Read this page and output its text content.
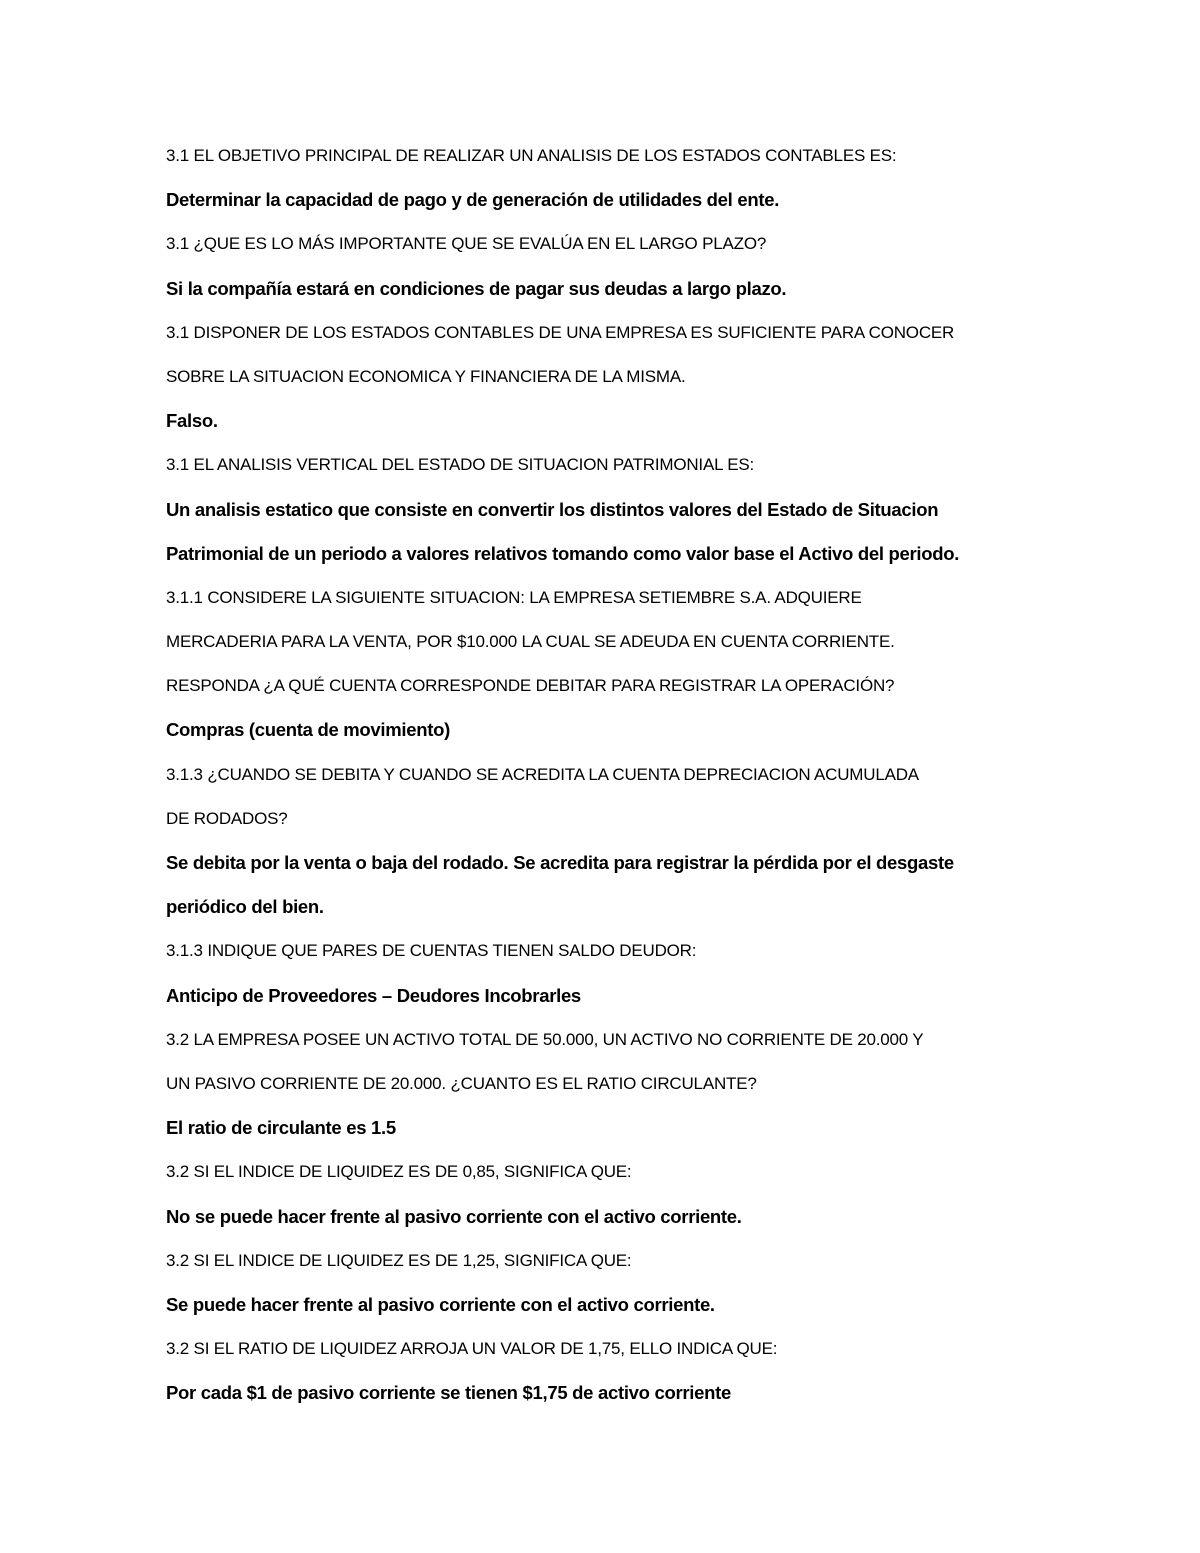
3.1 EL OBJETIVO PRINCIPAL DE REALIZAR UN ANALISIS DE LOS ESTADOS CONTABLES ES:
Determinar la capacidad de pago y de generación de utilidades del ente.
3.1 ¿QUE ES LO MÁS IMPORTANTE QUE SE EVALÚA EN EL LARGO PLAZO?
Si la compañía estará en condiciones de pagar sus deudas a largo plazo.
3.1 DISPONER DE LOS ESTADOS CONTABLES DE UNA EMPRESA ES SUFICIENTE PARA CONOCER
SOBRE LA SITUACION ECONOMICA Y FINANCIERA DE LA MISMA.
Falso.
3.1 EL ANALISIS VERTICAL DEL ESTADO DE SITUACION PATRIMONIAL ES:
Un analisis estatico que consiste en convertir los distintos valores del Estado de Situacion
Patrimonial de un periodo a valores relativos tomando como valor base el Activo del periodo.
3.1.1 CONSIDERE LA SIGUIENTE SITUACION: LA EMPRESA SETIEMBRE S.A. ADQUIERE
MERCADERIA PARA LA VENTA, POR $10.000 LA CUAL SE ADEUDA EN CUENTA CORRIENTE.
RESPONDA ¿A QUÉ CUENTA CORRESPONDE DEBITAR PARA REGISTRAR LA OPERACIÓN?
Compras (cuenta de movimiento)
3.1.3 ¿CUANDO SE DEBITA Y CUANDO SE ACREDITA LA CUENTA DEPRECIACION ACUMULADA
DE RODADOS?
Se debita por la venta o baja del rodado. Se acredita para registrar la pérdida por el desgaste
periódico del bien.
3.1.3 INDIQUE QUE PARES DE CUENTAS TIENEN SALDO DEUDOR:
Anticipo de Proveedores – Deudores Incobrarles
3.2 LA EMPRESA POSEE UN ACTIVO TOTAL DE 50.000, UN ACTIVO NO CORRIENTE DE 20.000 Y
UN PASIVO CORRIENTE DE 20.000. ¿CUANTO ES EL RATIO CIRCULANTE?
El ratio de circulante es 1.5
3.2 SI EL INDICE DE LIQUIDEZ ES DE 0,85, SIGNIFICA QUE:
No se puede hacer frente al pasivo corriente con el activo corriente.
3.2 SI EL INDICE DE LIQUIDEZ ES DE 1,25, SIGNIFICA QUE:
Se puede hacer frente al pasivo corriente con el activo corriente.
3.2 SI EL RATIO DE LIQUIDEZ ARROJA UN VALOR DE 1,75, ELLO INDICA QUE:
Por cada $1 de pasivo corriente se tienen $1,75 de activo corriente
